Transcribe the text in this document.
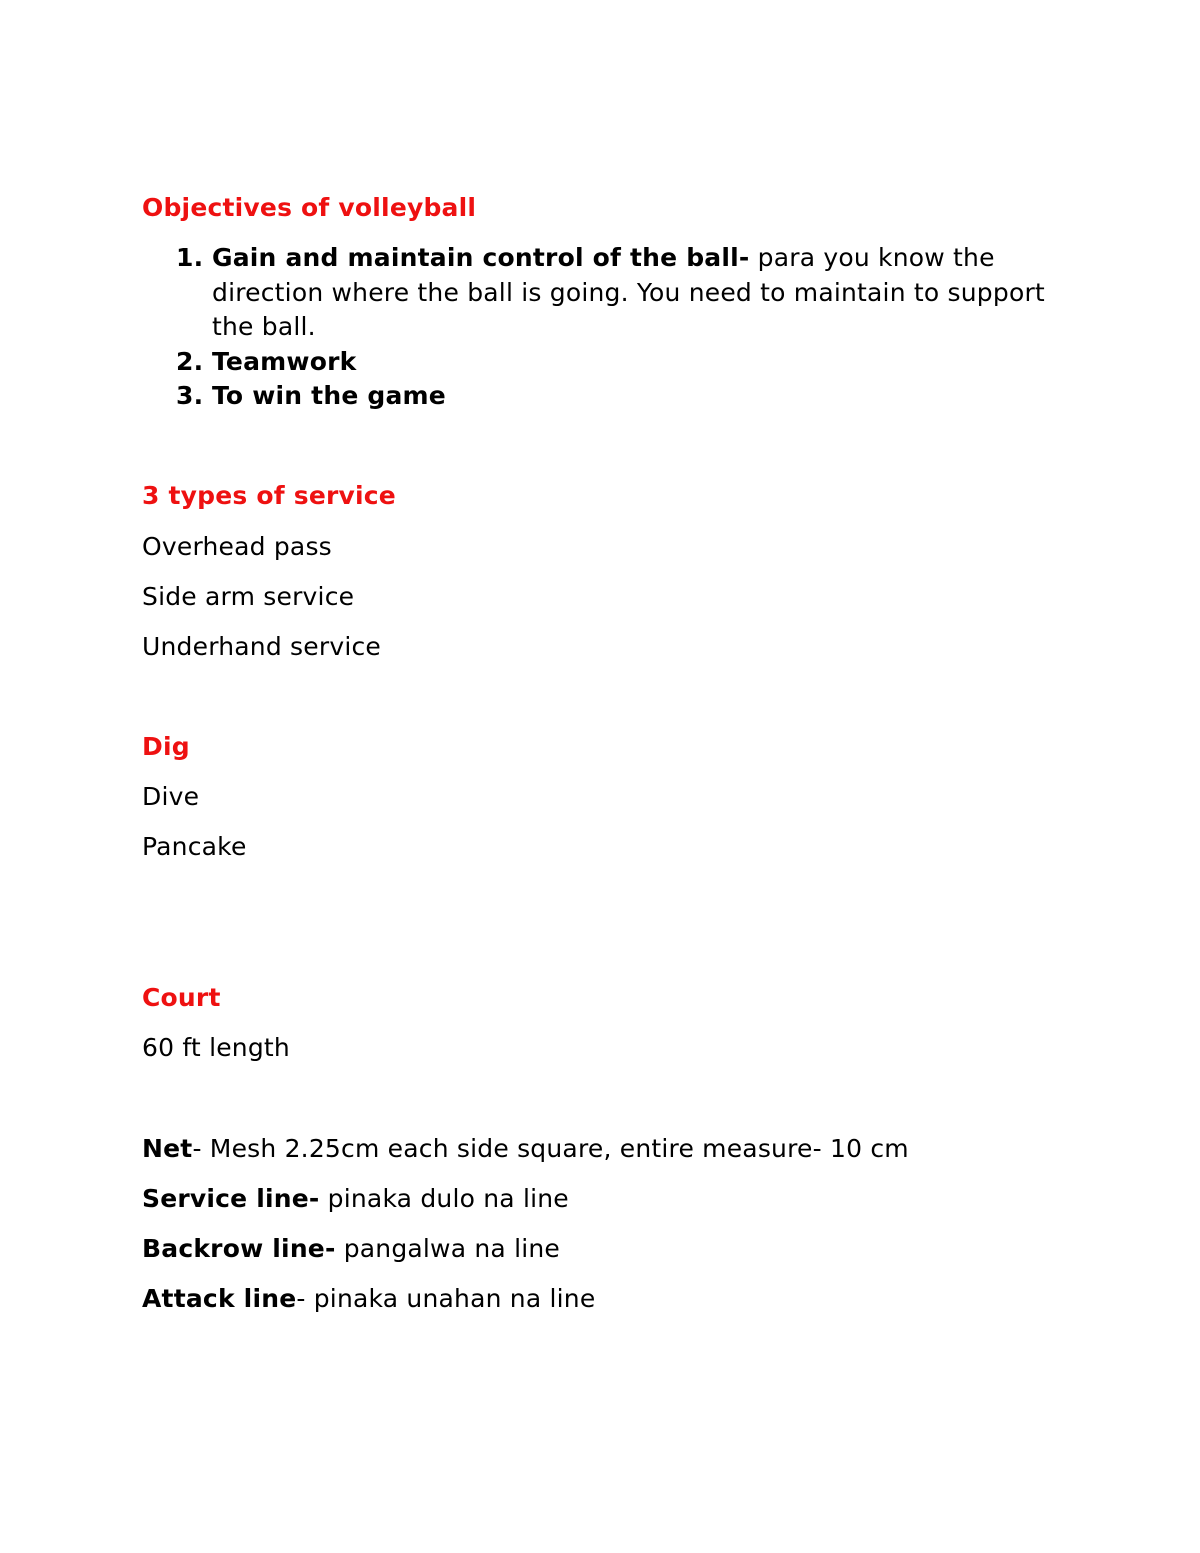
Objectives of volleyball
1. Gain and maintain control of the ball- para you know the direction where the ball is going. You need to maintain to support the ball.
2. Teamwork
3. To win the game
3 types of service
Overhead pass
Side arm service
Underhand service
Dig
Dive
Pancake
Court
60 ft length
Net- Mesh 2.25cm each side square, entire measure- 10 cm
Service line- pinaka dulo na line
Backrow line- pangalwa na line
Attack line- pinaka unahan na line
